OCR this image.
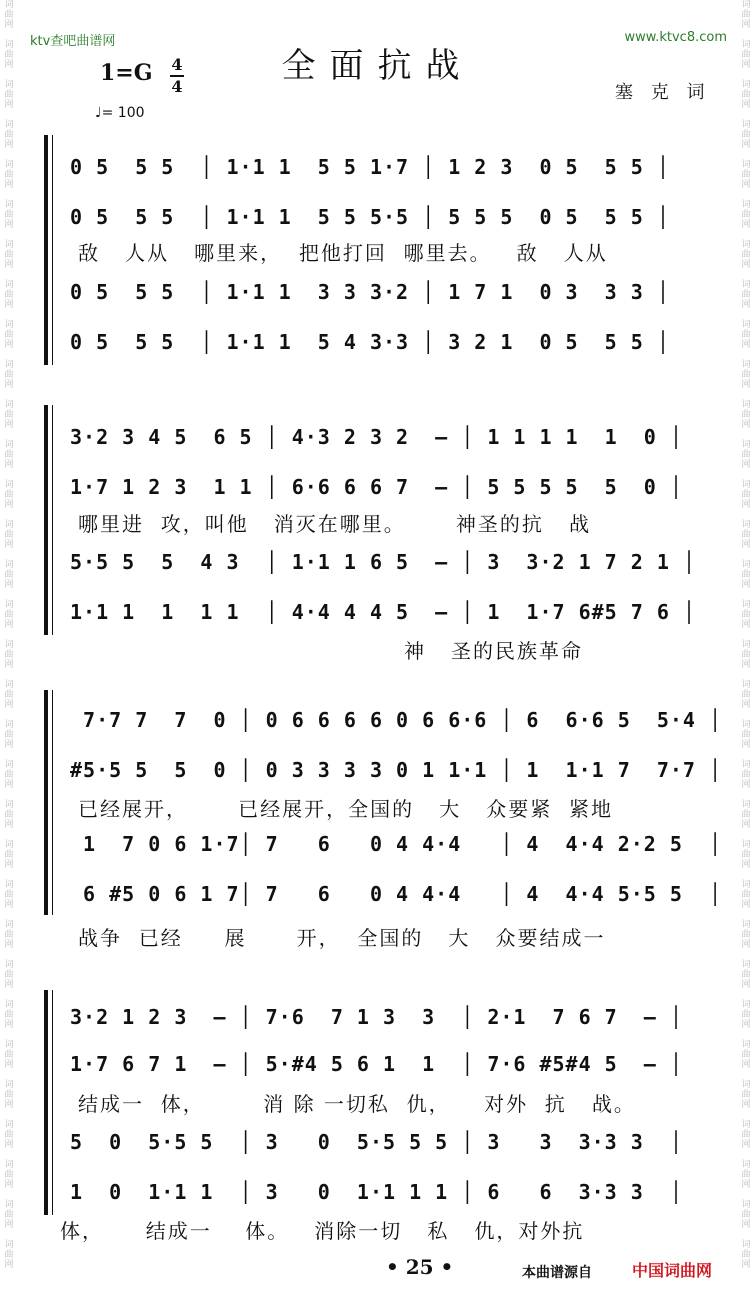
ktv查吧曲谱网	www.ktvc8.com
词
曲
网

词
曲
网

词
曲
网

词
曲
网

词
曲
网

词
曲
网

词
曲
网

词
曲
网

词
曲
网

词
曲
网

词
曲
网

词
曲
网

词
曲
网

词
曲
网

词
曲
网

词
曲
网

词
曲
网

词
曲
网

词
曲
网

词
曲
网

词
曲
网

词
曲
网

词
曲
网

词
曲
网

词
曲
网

词
曲
网

词
曲
网

词
曲
网

词
曲
网

词
曲
网

词
曲
网

词
曲
网
词
曲
网

词
曲
网

词
曲
网

词
曲
网

词
曲
网

词
曲
网

词
曲
网

词
曲
网

词
曲
网

词
曲
网

词
曲
网

词
曲
网

词
曲
网

词
曲
网

词
曲
网

词
曲
网

词
曲
网

词
曲
网

词
曲
网

词
曲
网

词
曲
网

词
曲
网

词
曲
网

词
曲
网

词
曲
网

词
曲
网

词
曲
网

词
曲
网

词
曲
网

词
曲
网

词
曲
网

词
曲
网
全面抗战
1=G 4
4
♩= 100
塞 克 词
0 5  5 5  │ 1·1 1  5 5 1·7 │ 1 2 3  0 5  5 5 │
0 5  5 5  │ 1·1 1  5 5 5·5 │ 5 5 5  0 5  5 5 │
敌   人从   哪里来，  把他打回  哪里去。   敌   人从
0 5  5 5  │ 1·1 1  3 3 3·2 │ 1 7 1  0 3  3 3 │
0 5  5 5  │ 1·1 1  5 4 3·3 │ 3 2 1  0 5  5 5 │
3·2 3 4 5  6 5 │ 4·3 2 3 2  — │ 1 1 1 1  1  0 │
1·7 1 2 3  1 1 │ 6·6 6 6 7  — │ 5 5 5 5  5  0 │
哪里进  攻，叫他   消灭在哪里。      神圣的抗   战
5·5 5  5  4 3  │ 1·1 1 6 5  — │ 3  3·2 1 7 2 1 │
1·1 1  1  1 1  │ 4·4 4 4 5  — │ 1  1·7 6#5 7 6 │
神   圣的民族革命
7·7 7  7  0 │ 0 6 6 6 6 0 6 6·6 │ 6  6·6 5  5·4 │
#5·5 5  5  0 │ 0 3 3 3 3 0 1 1·1 │ 1  1·1 7  7·7 │
已经展开，      已经展开，全国的   大   众要紧  紧地
1  7 0 6 1·7│ 7   6   0 4 4·4   │ 4  4·4 2·2 5  │
6 #5 0 6 1 7│ 7   6   0 4 4·4   │ 4  4·4 5·5 5  │
战争  已经     展      开，  全国的   大   众要结成一
3·2 1 2 3  — │ 7·6  7 1 3  3  │ 2·1  7 6 7  — │
1·7 6 7 1  — │ 5·#4 5 6 1  1  │ 7·6 #5#4 5  — │
结成一  体，       消 除 一切私  仇，    对外  抗   战。
5  0  5·5 5  │ 3   0  5·5 5 5 │ 3   3  3·3 3  │
1  0  1·1 1  │ 3   0  1·1 1 1 │ 6   6  3·3 3  │
体，     结成一    体。   消除一切   私   仇，对外抗
• 25 •	本曲谱源自	中国词曲网
